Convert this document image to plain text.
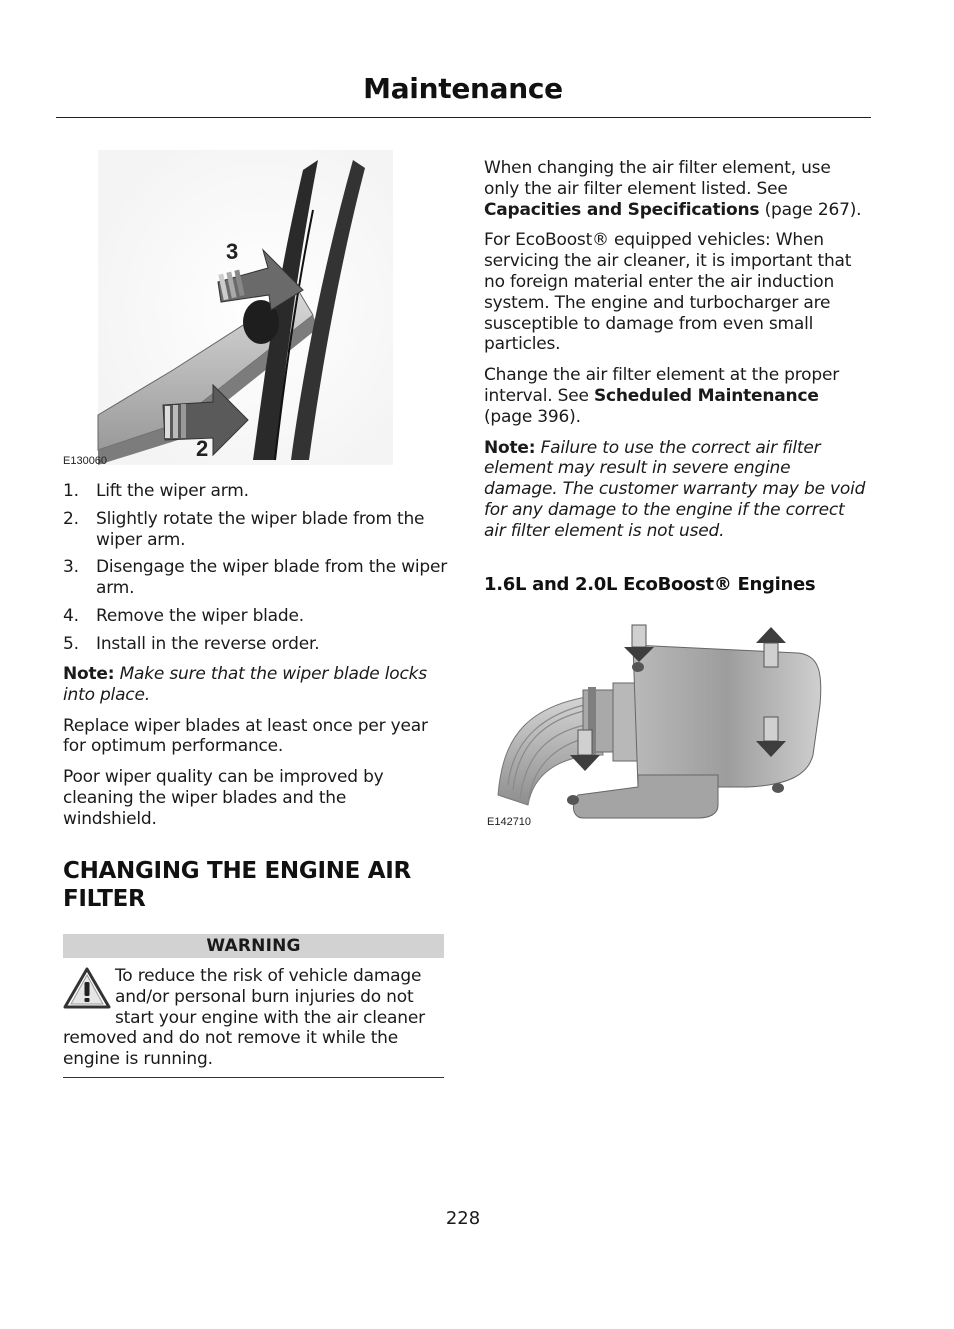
Maintenance
3
2
E130060
1. Lift the wiper arm.
2. Slightly rotate the wiper blade from the wiper arm.
3. Disengage the wiper blade from the wiper arm.
4. Remove the wiper blade.
5. Install in the reverse order.

Note: Make sure that the wiper blade locks into place.

Replace wiper blades at least once per year for optimum performance.

Poor wiper quality can be improved by cleaning the wiper blades and the windshield.

CHANGING THE ENGINE AIR FILTER
WARNING
To reduce the risk of vehicle damage and/or personal burn injuries do not start your engine with the air cleaner removed and do not remove it while the engine is running.

When changing the air filter element, use only the air filter element listed. See Capacities and Specifications (page 267).

For EcoBoost® equipped vehicles: When servicing the air cleaner, it is important that no foreign material enter the air induction system. The engine and turbocharger are susceptible to damage from even small particles.

Change the air filter element at the proper interval. See Scheduled Maintenance (page 396).

Note: Failure to use the correct air filter element may result in severe engine damage. The customer warranty may be void for any damage to the engine if the correct air filter element is not used.

1.6L and 2.0L EcoBoost® Engines
E142710
228
